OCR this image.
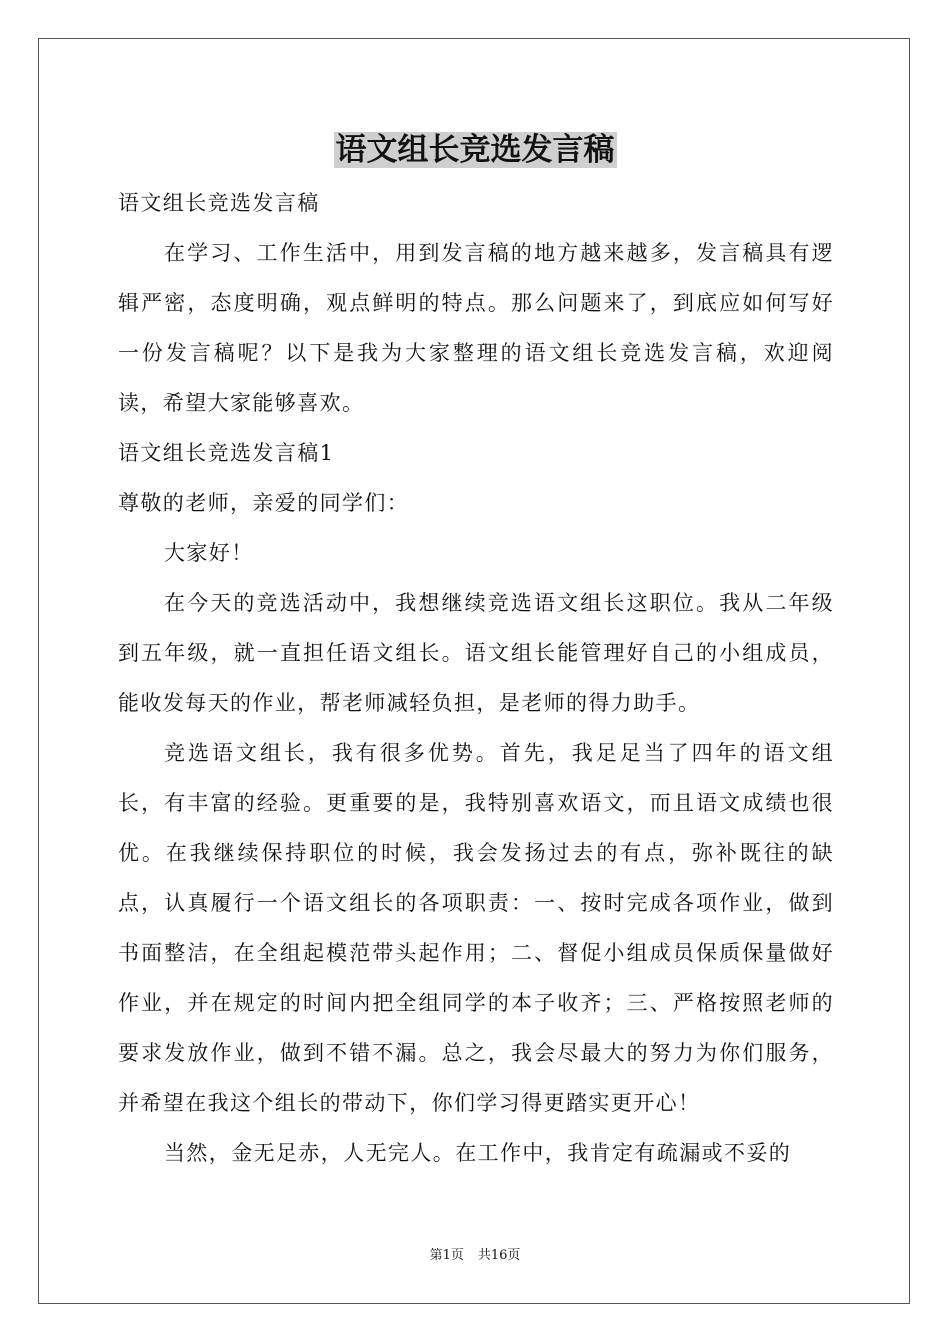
语文组长竞选发言稿

语文组长竞选发言稿

在学习、工作生活中，用到发言稿的地方越来越多，发言稿具有逻辑严密，态度明确，观点鲜明的特点。那么问题来了，到底应如何写好一份发言稿呢？以下是我为大家整理的语文组长竞选发言稿，欢迎阅读，希望大家能够喜欢。

语文组长竞选发言稿1

尊敬的老师，亲爱的同学们：

大家好！

在今天的竞选活动中，我想继续竞选语文组长这职位。我从二年级到五年级，就一直担任语文组长。语文组长能管理好自己的小组成员，能收发每天的作业，帮老师减轻负担，是老师的得力助手。

竞选语文组长，我有很多优势。首先，我足足当了四年的语文组长，有丰富的经验。更重要的是，我特别喜欢语文，而且语文成绩也很优。在我继续保持职位的时候，我会发扬过去的有点，弥补既往的缺点，认真履行一个语文组长的各项职责：一、按时完成各项作业，做到书面整洁，在全组起模范带头起作用；二、督促小组成员保质保量做好作业，并在规定的时间内把全组同学的本子收齐；三、严格按照老师的要求发放作业，做到不错不漏。总之，我会尽最大的努力为你们服务，并希望在我这个组长的带动下，你们学习得更踏实更开心！

当然，金无足赤，人无完人。在工作中，我肯定有疏漏或不妥的

第1页 共16页
